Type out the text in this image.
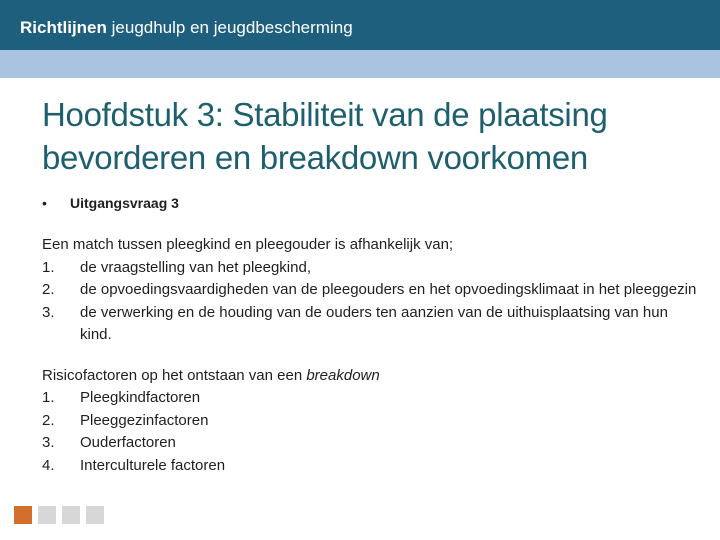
Richtlijnen jeugdhulp en jeugdbescherming
Hoofdstuk 3: Stabiliteit van de plaatsing bevorderen en breakdown voorkomen
• Uitgangsvraag 3

Een match tussen pleegkind en pleegouder is afhankelijk van;

1. de vraagstelling van het pleegkind,
2. de opvoedingsvaardigheden van de pleegouders en het opvoedingsklimaat in het pleeggezin
3. de verwerking en de houding van de ouders ten aanzien van de uithuisplaatsing van hun kind.

Risicofactoren op het ontstaan van een breakdown

1. Pleegkindfactoren
2. Pleeggezinfactoren
3. Ouderfactoren
4. Interculturele factoren
